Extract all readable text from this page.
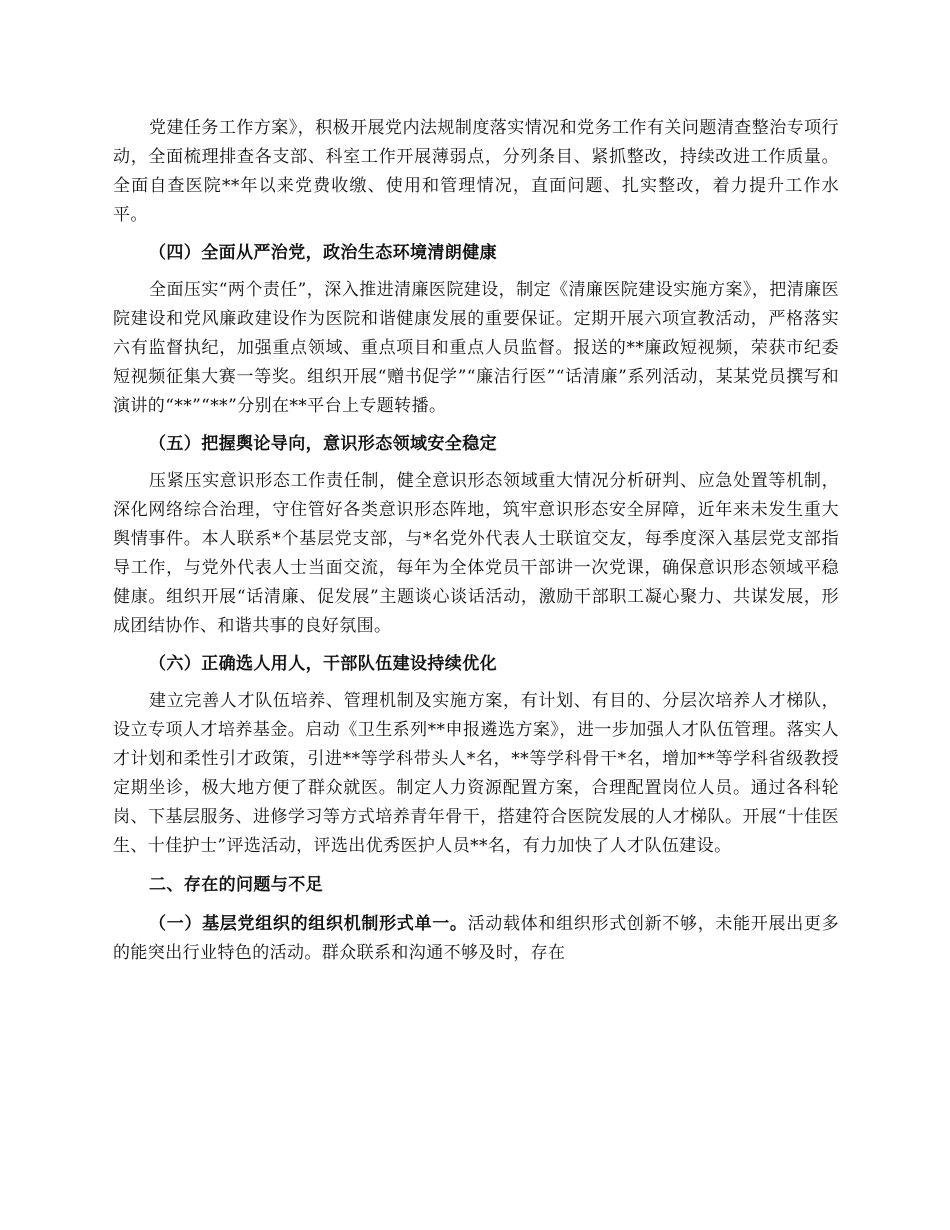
党建任务工作方案》，积极开展党内法规制度落实情况和党务工作有关问题清查整治专项行动，全面梳理排查各支部、科室工作开展薄弱点，分列条目、紧抓整改，持续改进工作质量。全面自查医院**年以来党费收缴、使用和管理情况，直面问题、扎实整改，着力提升工作水平。

（四）全面从严治党，政治生态环境清朗健康

全面压实“两个责任”，深入推进清廉医院建设，制定《清廉医院建设实施方案》，把清廉医院建设和党风廉政建设作为医院和谐健康发展的重要保证。定期开展六项宣教活动，严格落实六有监督执纪，加强重点领域、重点项目和重点人员监督。报送的**廉政短视频，荣获市纪委短视频征集大赛一等奖。组织开展“赠书促学”“廉洁行医”“话清廉”系列活动，某某党员撰写和演讲的“**”“**”分别在**平台上专题转播。

（五）把握舆论导向，意识形态领域安全稳定

压紧压实意识形态工作责任制，健全意识形态领域重大情况分析研判、应急处置等机制，深化网络综合治理，守住管好各类意识形态阵地，筑牢意识形态安全屏障，近年来未发生重大舆情事件。本人联系*个基层党支部，与*名党外代表人士联谊交友，每季度深入基层党支部指导工作，与党外代表人士当面交流，每年为全体党员干部讲一次党课，确保意识形态领域平稳健康。组织开展“话清廉、促发展”主题谈心谈话活动，激励干部职工凝心聚力、共谋发展，形成团结协作、和谐共事的良好氛围。

（六）正确选人用人，干部队伍建设持续优化

建立完善人才队伍培养、管理机制及实施方案，有计划、有目的、分层次培养人才梯队，设立专项人才培养基金。启动《卫生系列**申报遴选方案》，进一步加强人才队伍管理。落实人才计划和柔性引才政策，引进**等学科带头人*名，**等学科骨干*名，增加**等学科省级教授定期坐诊，极大地方便了群众就医。制定人力资源配置方案，合理配置岗位人员。通过各科轮岗、下基层服务、进修学习等方式培养青年骨干，搭建符合医院发展的人才梯队。开展“十佳医生、十佳护士”评选活动，评选出优秀医护人员**名，有力加快了人才队伍建设。

二、存在的问题与不足

（一）基层党组织的组织机制形式单一。活动载体和组织形式创新不够，未能开展出更多的能突出行业特色的活动。群众联系和沟通不够及时，存在
